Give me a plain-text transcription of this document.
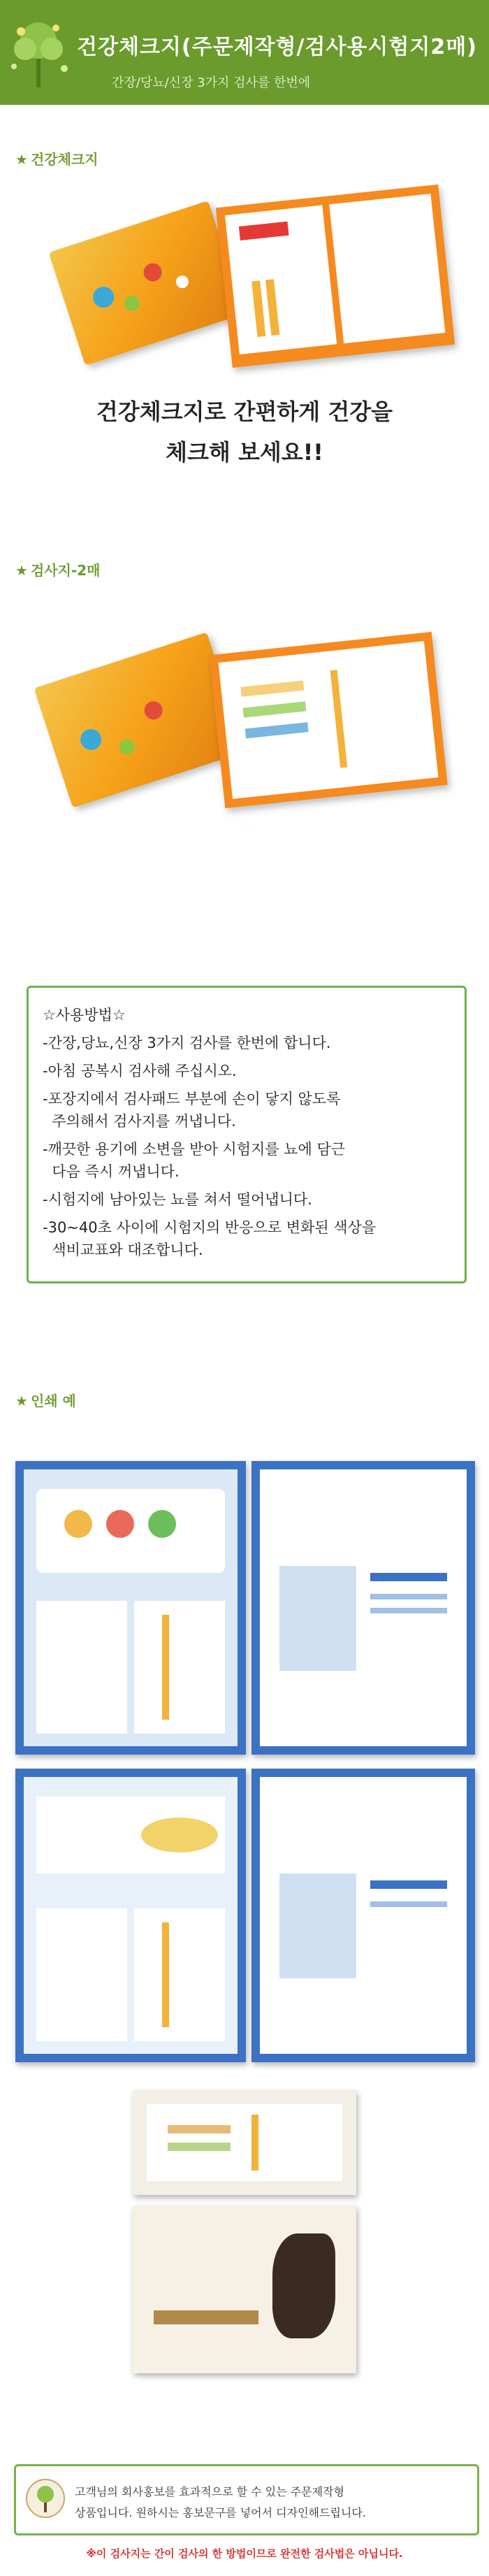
건강체크지(주문제작형/검사용시험지2매)
간장/당뇨/신장 3가지 검사를 한번에
★ 건강체크지
건강체크지로 간편하게 건강을
체크해 보세요!!
★ 검사지-2매
☆사용방법☆
-간장,당뇨,신장 3가지 검사를 한번에 합니다.
-아침 공복시 검사해 주십시오.
-포장지에서 검사패드 부분에 손이 닿지 않도록
주의해서 검사지를 꺼냅니다.
-깨끗한 용기에 소변을 받아 시험지를 뇨에 담근
다음 즉시 꺼냅니다.
-시험지에 남아있는 뇨를 쳐서 떨어냅니다.
-30~40초 사이에 시험지의 반응으로 변화된 색상을
색비교표와 대조합니다.
★ 인쇄 예
고객님의 회사홍보를 효과적으로 할 수 있는 주문제작형
상품입니다. 원하시는 홍보문구를 넣어서 디자인해드립니다.
※이 검사지는 간이 검사의 한 방법이므로 완전한 검사법은 아닙니다.
